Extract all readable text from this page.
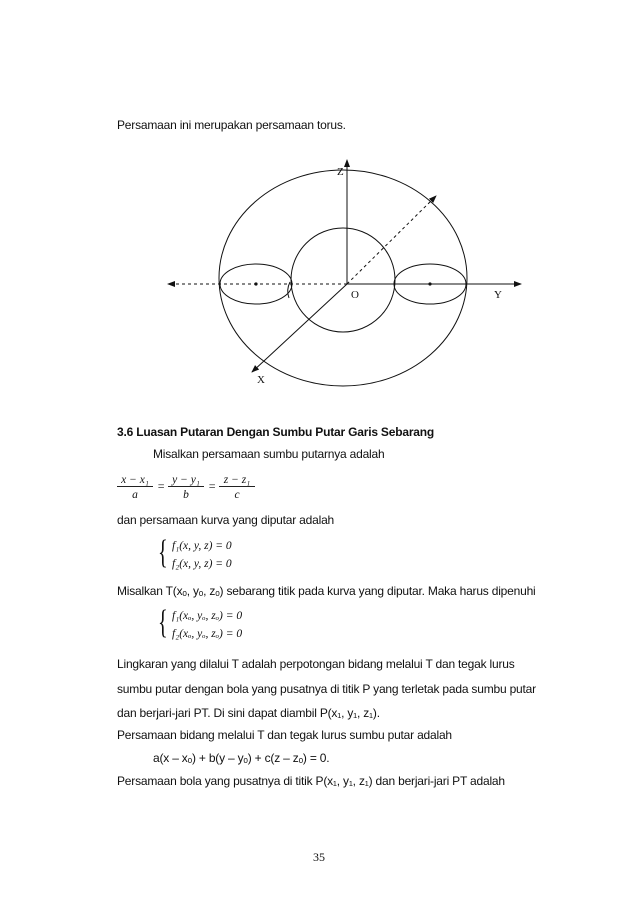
Persamaan ini merupakan persamaan torus.
Z
O	Y
X
3.6 Luasan Putaran Dengan Sumbu Putar Garis Sebarang
Misalkan persamaan sumbu putarnya adalah
$\frac{\text{x − x₁}}{a} = \frac{\text{y − y₁}}{b} = \frac{\text{z − z₁}}{c}$
dan persamaan kurva yang diputar adalah
{ f₁(x, y, z) = 0
f₂(x, y, z) = 0
Misalkan T(xₒ, yₒ, zₒ) sebarang titik pada kurva yang diputar. Maka harus dipenuhi
{ f₁(xₒ, yₒ, zₒ) = 0
f₂(xₒ, yₒ, zₒ) = 0
Lingkaran yang dilalui T adalah perpotongan bidang melalui T dan tegak lurus
sumbu putar dengan bola yang pusatnya di titik P yang terletak pada sumbu putar
dan berjari-jari PT. Di sini dapat diambil P(x₁, y₁, z₁).
Persamaan bidang melalui T dan tegak lurus sumbu putar adalah
a(x – xₒ) + b(y – yₒ) + c(z – zₒ) = 0.
Persamaan bola yang pusatnya di titik P(x₁, y₁, z₁) dan berjari-jari PT adalah
35
